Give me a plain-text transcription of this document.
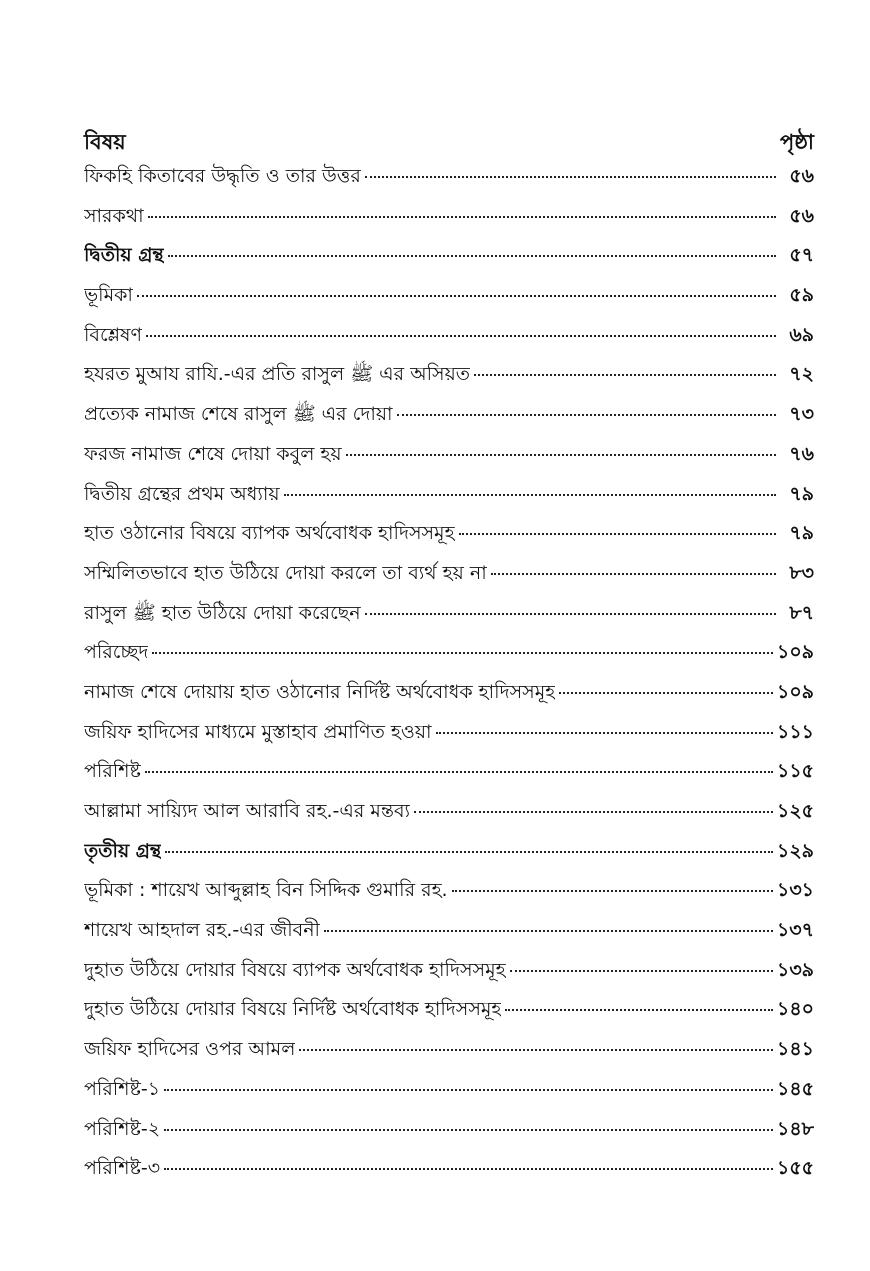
বিষয়	পৃষ্ঠা
ফিকহি কিতাবের উদ্ধৃতি ও তার উত্তর	৫৬
সারকথা	৫৬
দ্বিতীয় গ্রন্থ	৫৭
ভূমিকা	৫৯
বিশ্লেষণ	৬৯
হযরত মুআয রাযি.-এর প্রতি রাসুল ﷺ এর অসিয়ত	৭২
প্রত্যেক নামাজ শেষে রাসুল ﷺ এর দোয়া	৭৩
ফরজ নামাজ শেষে দোয়া কবুল হয়	৭৬
দ্বিতীয় গ্রন্থের প্রথম অধ্যায়	৭৯
হাত ওঠানোর বিষয়ে ব্যাপক অর্থবোধক হাদিসসমূহ	৭৯
সম্মিলিতভাবে হাত উঠিয়ে দোয়া করলে তা ব্যর্থ হয় না	৮৩
রাসুল ﷺ হাত উঠিয়ে দোয়া করেছেন	৮৭
পরিচ্ছেদ	১০৯
নামাজ শেষে দোয়ায় হাত ওঠানোর নির্দিষ্ট অর্থবোধক হাদিসসমূহ	১০৯
জয়িফ হাদিসের মাধ্যমে মুস্তাহাব প্রমাণিত হওয়া	১১১
পরিশিষ্ট	১১৫
আল্লামা সায়্যিদ আল আরাবি রহ.-এর মন্তব্য	১২৫
তৃতীয় গ্রন্থ	১২৯
ভূমিকা : শায়েখ আব্দুল্লাহ বিন সিদ্দিক গুমারি রহ.	১৩১
শায়েখ আহদাল রহ.-এর জীবনী	১৩৭
দুহাত উঠিয়ে দোয়ার বিষয়ে ব্যাপক অর্থবোধক হাদিসসমূহ	১৩৯
দুহাত উঠিয়ে দোয়ার বিষয়ে নির্দিষ্ট অর্থবোধক হাদিসসমূহ	১৪০
জয়িফ হাদিসের ওপর আমল	১৪১
পরিশিষ্ট-১	১৪৫
পরিশিষ্ট-২	১৪৮
পরিশিষ্ট-৩	১৫৫
